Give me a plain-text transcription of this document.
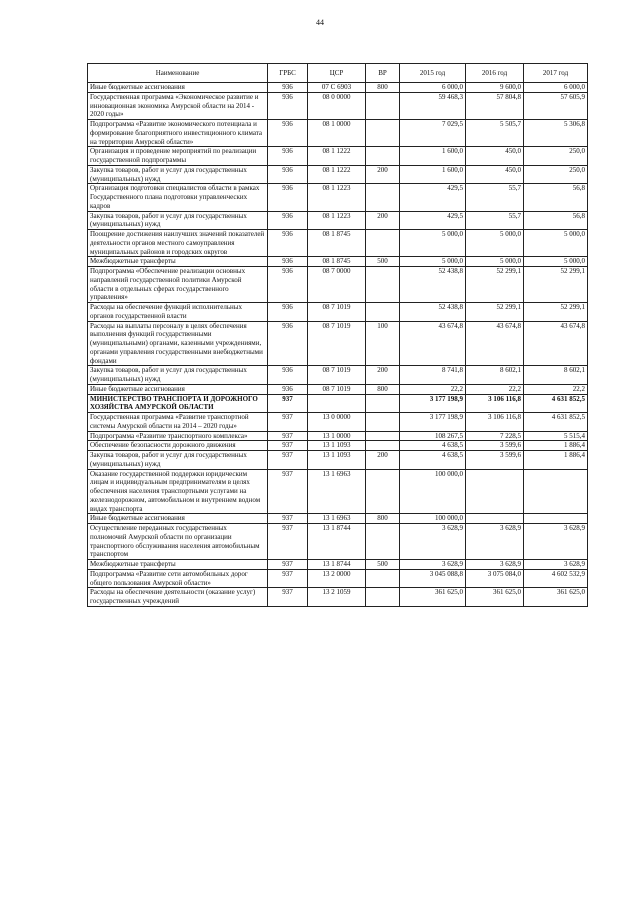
44
Наименование	ГРБС	ЦСР	ВР	2015 год	2016 год	2017 год
Иные бюджетные ассигнования	936	07 С 6903	800	6 000,0	9 600,0	6 000,0
Государственная программа «Экономическое развитие и инновационная экономика Амурской области на 2014 - 2020 годы»	936	08 0 0000		59 468,3	57 804,8	57 605,9
Подпрограмма «Развитие экономического потенциала и формирование благоприятного инвестиционного климата на территории Амурской области»	936	08 1 0000		7 029,5	5 505,7	5 306,8
Организация и проведение мероприятий по реализации государственной подпрограммы	936	08 1 1222		1 600,0	450,0	250,0
Закупка товаров, работ и услуг для государственных (муниципальных) нужд	936	08 1 1222	200	1 600,0	450,0	250,0
Организация подготовки специалистов области в рамках Государственного плана подготовки управленческих кадров	936	08 1 1223		429,5	55,7	56,8
Закупка товаров, работ и услуг для государственных (муниципальных) нужд	936	08 1 1223	200	429,5	55,7	56,8
Поощрение достижения наилучших значений показателей деятельности органов местного самоуправления муниципальных районов и городских округов	936	08 1 8745		5 000,0	5 000,0	5 000,0
Межбюджетные трансферты	936	08 1 8745	500	5 000,0	5 000,0	5 000,0
Подпрограмма «Обеспечение реализации основных направлений государственной политики Амурской области в отдельных сферах государственного управления»	936	08 7 0000		52 438,8	52 299,1	52 299,1
Расходы на обеспечение функций исполнительных органов государственной власти	936	08 7 1019		52 438,8	52 299,1	52 299,1
Расходы на выплаты персоналу в целях обеспечения выполнения функций государственными (муниципальными) органами, казенными учреждениями, органами управления государственными внебюджетными фондами	936	08 7 1019	100	43 674,8	43 674,8	43 674,8
Закупка товаров, работ и услуг для государственных (муниципальных) нужд	936	08 7 1019	200	8 741,8	8 602,1	8 602,1
Иные бюджетные ассигнования	936	08 7 1019	800	22,2	22,2	22,2
МИНИСТЕРСТВО ТРАНСПОРТА И ДОРОЖНОГО ХОЗЯЙСТВА АМУРСКОЙ ОБЛАСТИ	937			3 177 198,9	3 106 116,8	4 631 852,5
Государственная программа «Развитие транспортной системы Амурской области на 2014 – 2020 годы»	937	13 0 0000		3 177 198,9	3 106 116,8	4 631 852,5
Подпрограмма «Развитие транспортного комплекса»	937	13 1 0000		108 267,5	7 228,5	5 515,4
Обеспечение безопасности дорожного движения	937	13 1 1093		4 638,5	3 599,6	1 886,4
Закупка товаров, работ и услуг для государственных (муниципальных) нужд	937	13 1 1093	200	4 638,5	3 599,6	1 886,4
Оказание государственной поддержки юридическим лицам и индивидуальным предпринимателям в целях обеспечения населения транспортными услугами на железнодорожном, автомобильном и внутреннем водном видах транспорта	937	13 1 6963		100 000,0		
Иные бюджетные ассигнования	937	13 1 6963	800	100 000,0		
Осуществление переданных государственных полномочий Амурской области по организации транспортного обслуживания населения автомобильным транспортом	937	13 1 8744		3 628,9	3 628,9	3 628,9
Межбюджетные трансферты	937	13 1 8744	500	3 628,9	3 628,9	3 628,9
Подпрограмма «Развитие сети автомобильных дорог общего пользования Амурской области»	937	13 2 0000		3 045 088,8	3 075 084,0	4 602 532,9
Расходы на обеспечение деятельности (оказание услуг) государственных учреждений	937	13 2 1059		361 625,0	361 625,0	361 625,0
